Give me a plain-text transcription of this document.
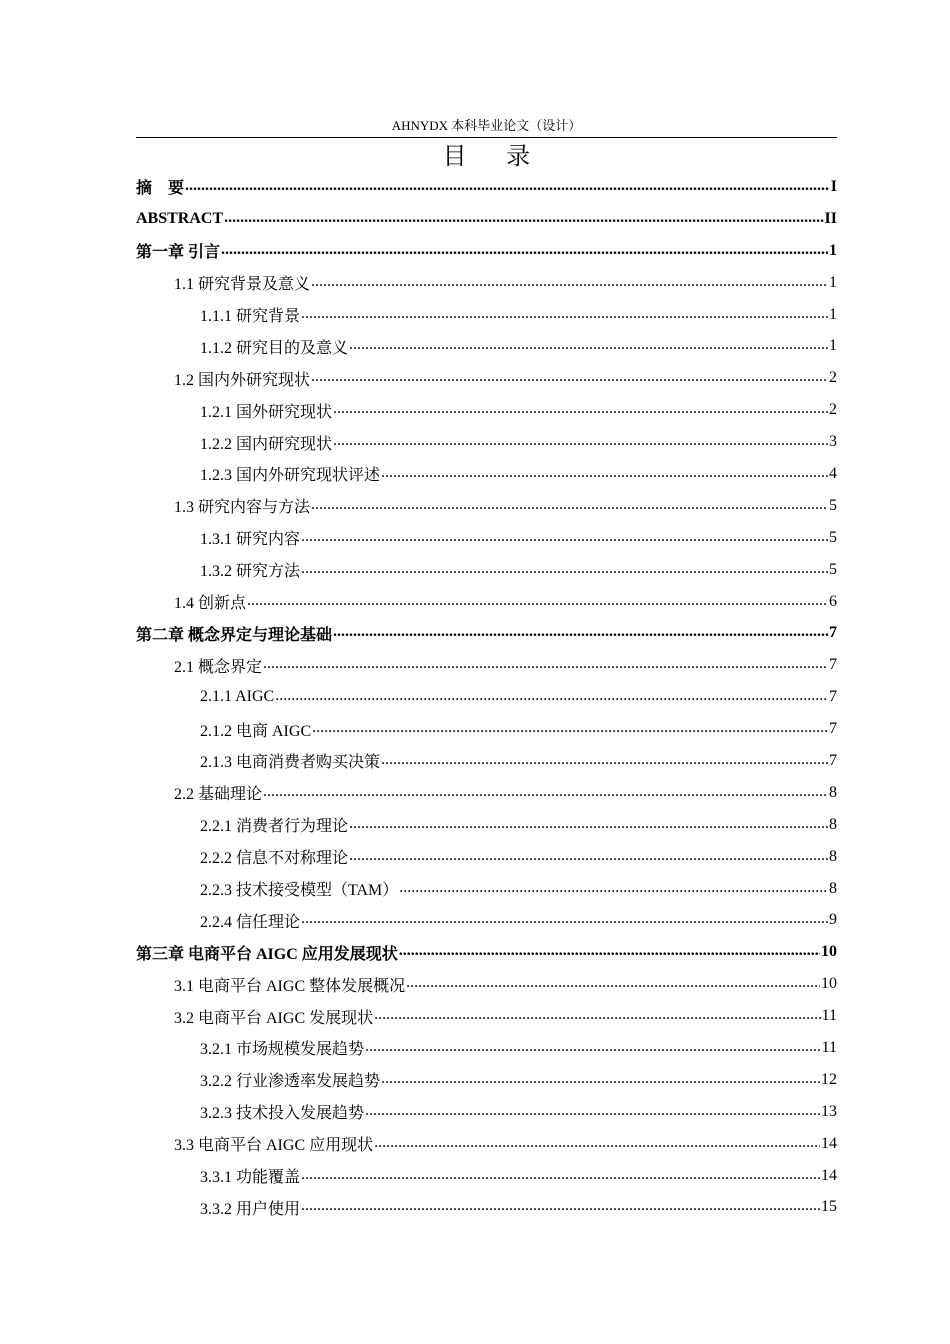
AHNYDX 本科毕业论文（设计）
目 录
摘　要 .....	I
ABSTRACT .....	II
第一章 引言 .....	1
1.1 研究背景及意义 .....	1
1.1.1 研究背景 .....	1
1.1.2 研究目的及意义 .....	1
1.2 国内外研究现状 .....	2
1.2.1 国外研究现状 .....	2
1.2.2 国内研究现状 .....	3
1.2.3 国内外研究现状评述 .....	4
1.3 研究内容与方法 .....	5
1.3.1 研究内容 .....	5
1.3.2 研究方法 .....	5
1.4 创新点 .....	6
第二章 概念界定与理论基础 .....	7
2.1 概念界定 .....	7
2.1.1 AIGC .....	7
2.1.2 电商 AIGC .....	7
2.1.3 电商消费者购买决策 .....	7
2.2 基础理论 .....	8
2.2.1 消费者行为理论 .....	8
2.2.2 信息不对称理论 .....	8
2.2.3 技术接受模型（TAM） .....	8
2.2.4 信任理论 .....	9
第三章 电商平台 AIGC 应用发展现状 .....	10
3.1 电商平台 AIGC 整体发展概况 .....	10
3.2 电商平台 AIGC 发展现状 .....	11
3.2.1 市场规模发展趋势 .....	11
3.2.2 行业渗透率发展趋势 .....	12
3.2.3 技术投入发展趋势 .....	13
3.3 电商平台 AIGC 应用现状 .....	14
3.3.1 功能覆盖 .....	14
3.3.2 用户使用 .....	15
